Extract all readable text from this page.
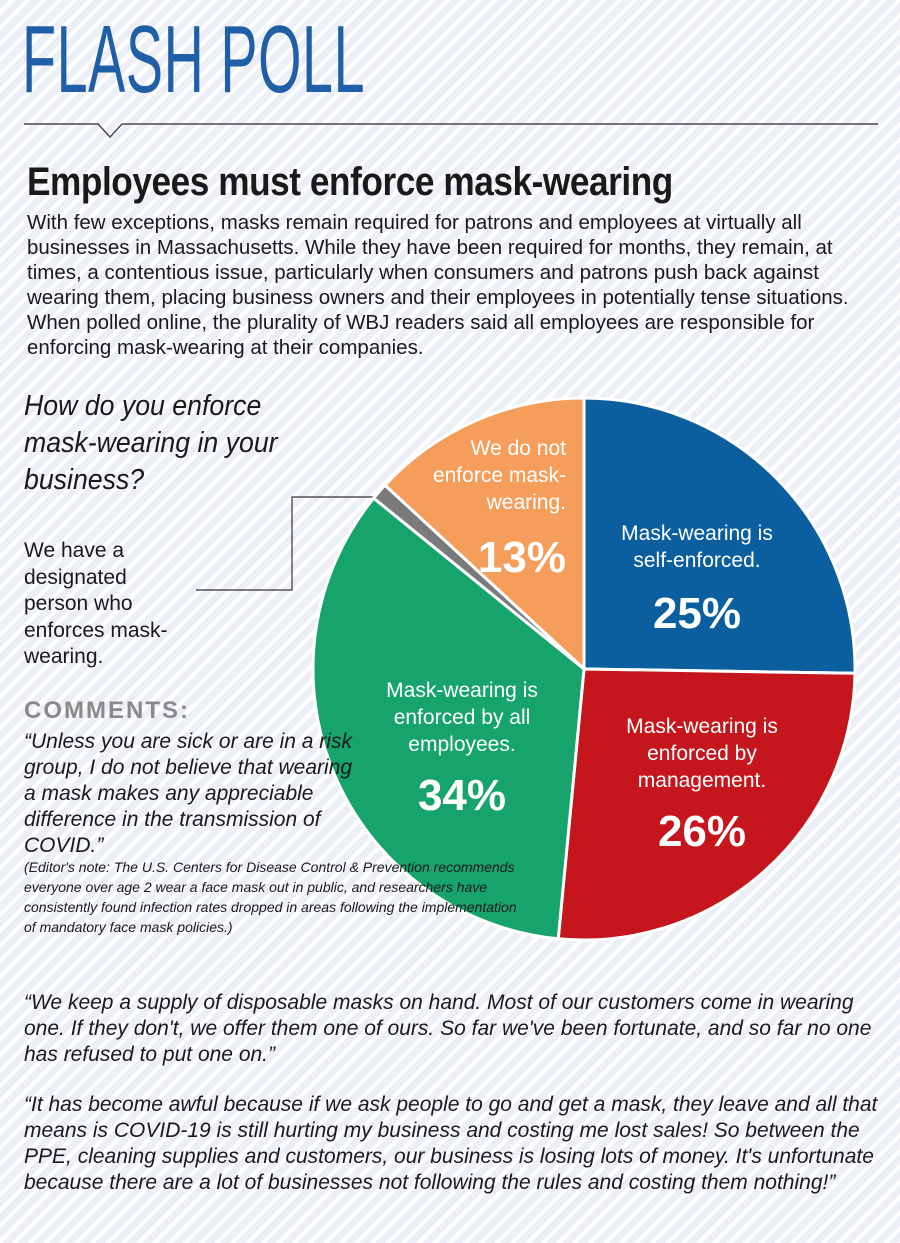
FLASH POLL
Employees must enforce mask-wearing

With few exceptions, masks remain required for patrons and employees at virtually all businesses in Massachusetts. While they have been required for months, they remain, at times, a contentious issue, particularly when consumers and patrons push back against wearing them, placing business owners and their employees in potentially tense situations. When polled online, the plurality of WBJ readers said all employees are responsible for enforcing mask-wearing at their companies.

How do you enforce mask-wearing in your business?

We have a designated person who enforces mask-wearing.

Mask-wearing is self-enforced.
25%
Mask-wearing is enforced by management.
26%
Mask-wearing is enforced by all employees.
34%
We do not enforce mask-wearing.
13%
COMMENTS:

“Unless you are sick or are in a risk group, I do not believe that wearing a mask makes any appreciable difference in the transmission of COVID.”

(Editor's note: The U.S. Centers for Disease Control & Prevention recommends everyone over age 2 wear a face mask out in public, and researchers have consistently found infection rates dropped in areas following the implementation of mandatory face mask policies.)

“We keep a supply of disposable masks on hand. Most of our customers come in wearing one. If they don't, we offer them one of ours. So far we've been fortunate, and so far no one has refused to put one on.”

“It has become awful because if we ask people to go and get a mask, they leave and all that means is COVID-19 is still hurting my business and costing me lost sales! So between the PPE, cleaning supplies and customers, our business is losing lots of money. It's unfortunate because there are a lot of businesses not following the rules and costing them nothing!”
